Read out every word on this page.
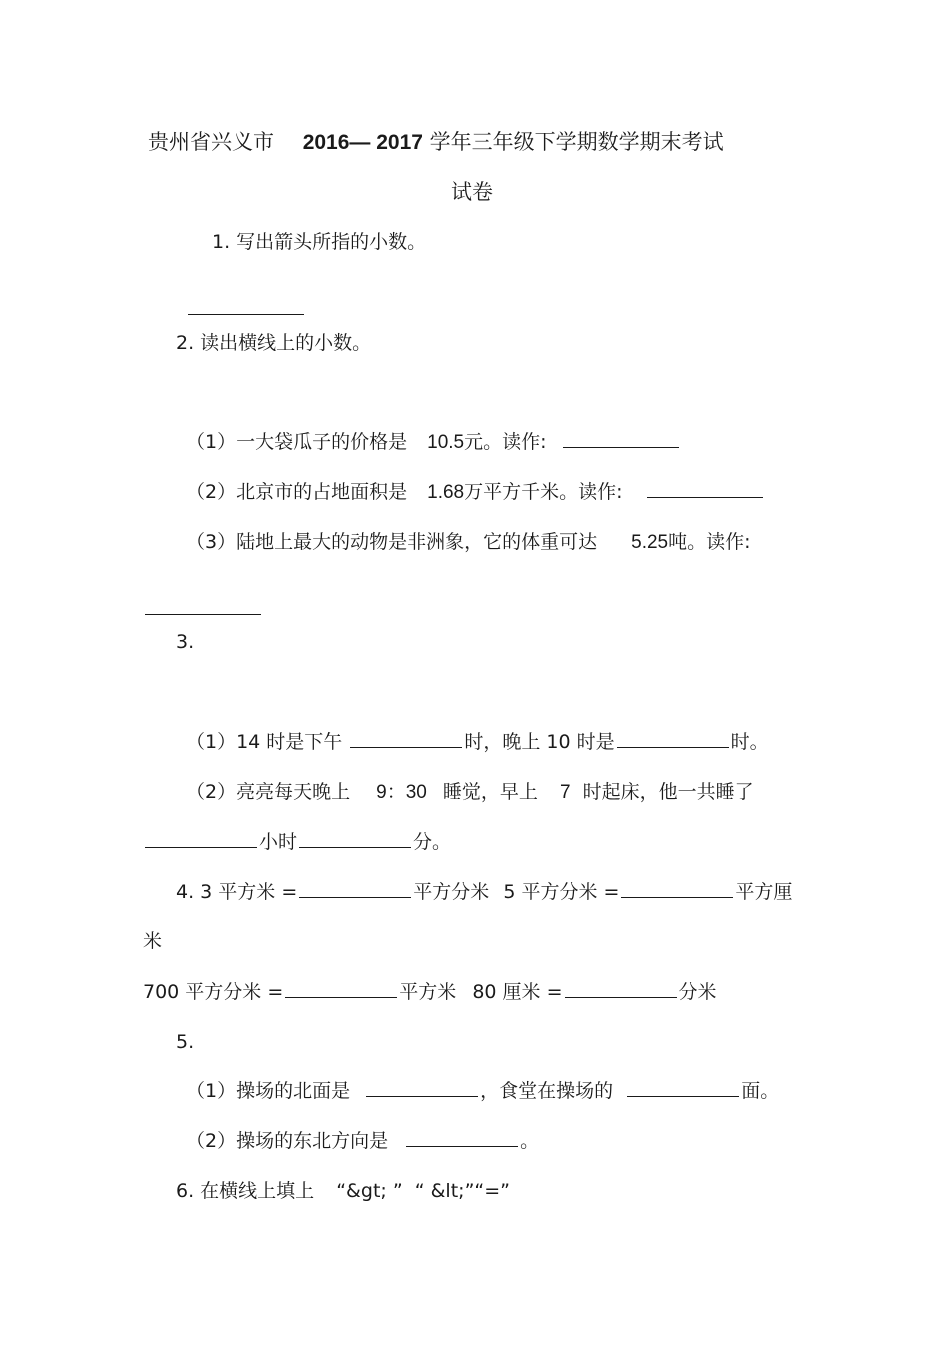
贵州省兴义市 2016— 2017 学年三年级下学期数学期末考试
试卷
1. 写出箭头所指的小数。
2. 读出横线上的小数。
（1）一大袋瓜子的价格是 10.5元。读作:
（2）北京市的占地面积是 1.68万平方千米。读作:
（3）陆地上最大的动物是非洲象，它的体重可达 5.25吨。读作:
3.
（1）14 时是下午	时，晚上 10 时是	时。
（2）亮亮每天晚上 9：30 睡觉，早上 7 时起床，他一共睡了
小时	分。
4. 3 平方米 =	平方分米 5 平方分米 =	平方厘
米
700 平方分米 =	平方米 80 厘米 =	分米
5.
（1）操场的北面是	，食堂在操场的	面。
（2）操场的东北方向是	。
6. 在横线上填上 “&gt; ” “ &lt;”“=”
